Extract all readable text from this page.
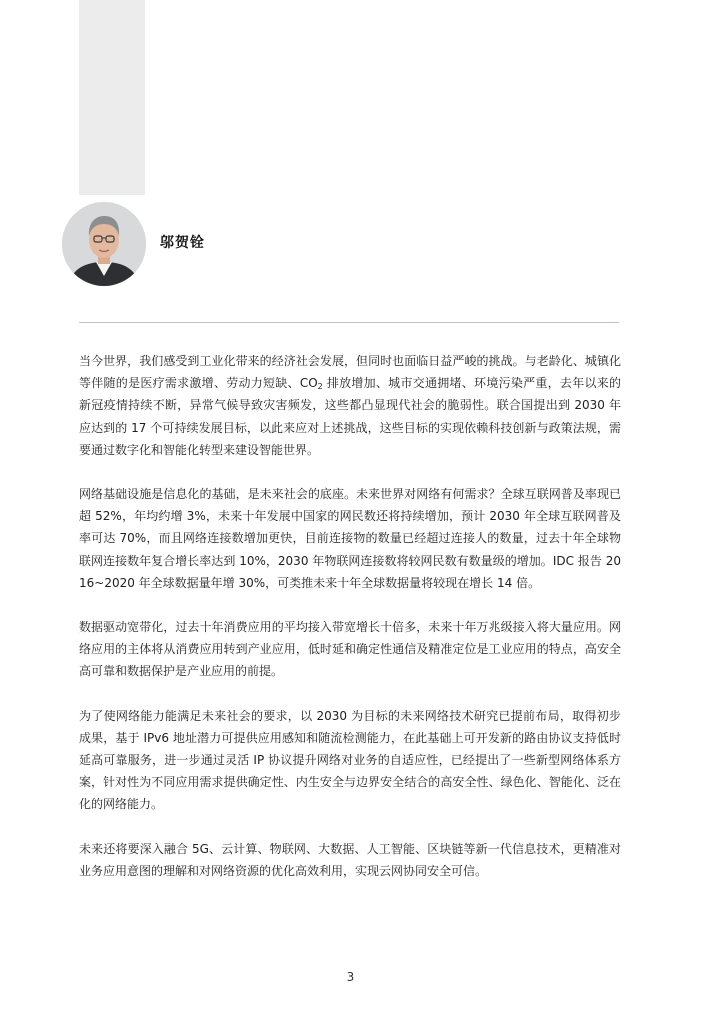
邬贺铨

当今世界，我们感受到工业化带来的经济社会发展，但同时也面临日益严峻的挑战。与老龄化、城镇化等伴随的是医疗需求激增、劳动力短缺、$CO_2$ 排放增加、城市交通拥堵、环境污染严重，去年以来的新冠疫情持续不断，异常气候导致灾害频发，这些都凸显现代社会的脆弱性。联合国提出到 2030 年应达到的 17 个可持续发展目标，以此来应对上述挑战，这些目标的实现依赖科技创新与政策法规，需要通过数字化和智能化转型来建设智能世界。

网络基础设施是信息化的基础，是未来社会的底座。未来世界对网络有何需求？全球互联网普及率现已超 52%，年均约增 3%，未来十年发展中国家的网民数还将持续增加，预计 2030 年全球互联网普及率可达 70%，而且网络连接数增加更快，目前连接物的数量已经超过连接人的数量，过去十年全球物联网连接数年复合增长率达到 10%，2030 年物联网连接数将较网民数有数量级的增加。IDC 报告 2016~2020 年全球数据量年增 30%，可类推未来十年全球数据量将较现在增长 14 倍。

数据驱动宽带化，过去十年消费应用的平均接入带宽增长十倍多，未来十年万兆级接入将大量应用。网络应用的主体将从消费应用转到产业应用，低时延和确定性通信及精准定位是工业应用的特点，高安全高可靠和数据保护是产业应用的前提。

为了使网络能力能满足未来社会的要求，以 2030 为目标的未来网络技术研究已提前布局，取得初步成果，基于 IPv6 地址潜力可提供应用感知和随流检测能力，在此基础上可开发新的路由协议支持低时延高可靠服务，进一步通过灵活 IP 协议提升网络对业务的自适应性，已经提出了一些新型网络体系方案，针对性为不同应用需求提供确定性、内生安全与边界安全结合的高安全性、绿色化、智能化、泛在化的网络能力。

未来还将要深入融合 5G、云计算、物联网、大数据、人工智能、区块链等新一代信息技术，更精准对业务应用意图的理解和对网络资源的优化高效利用，实现云网协同安全可信。

3
